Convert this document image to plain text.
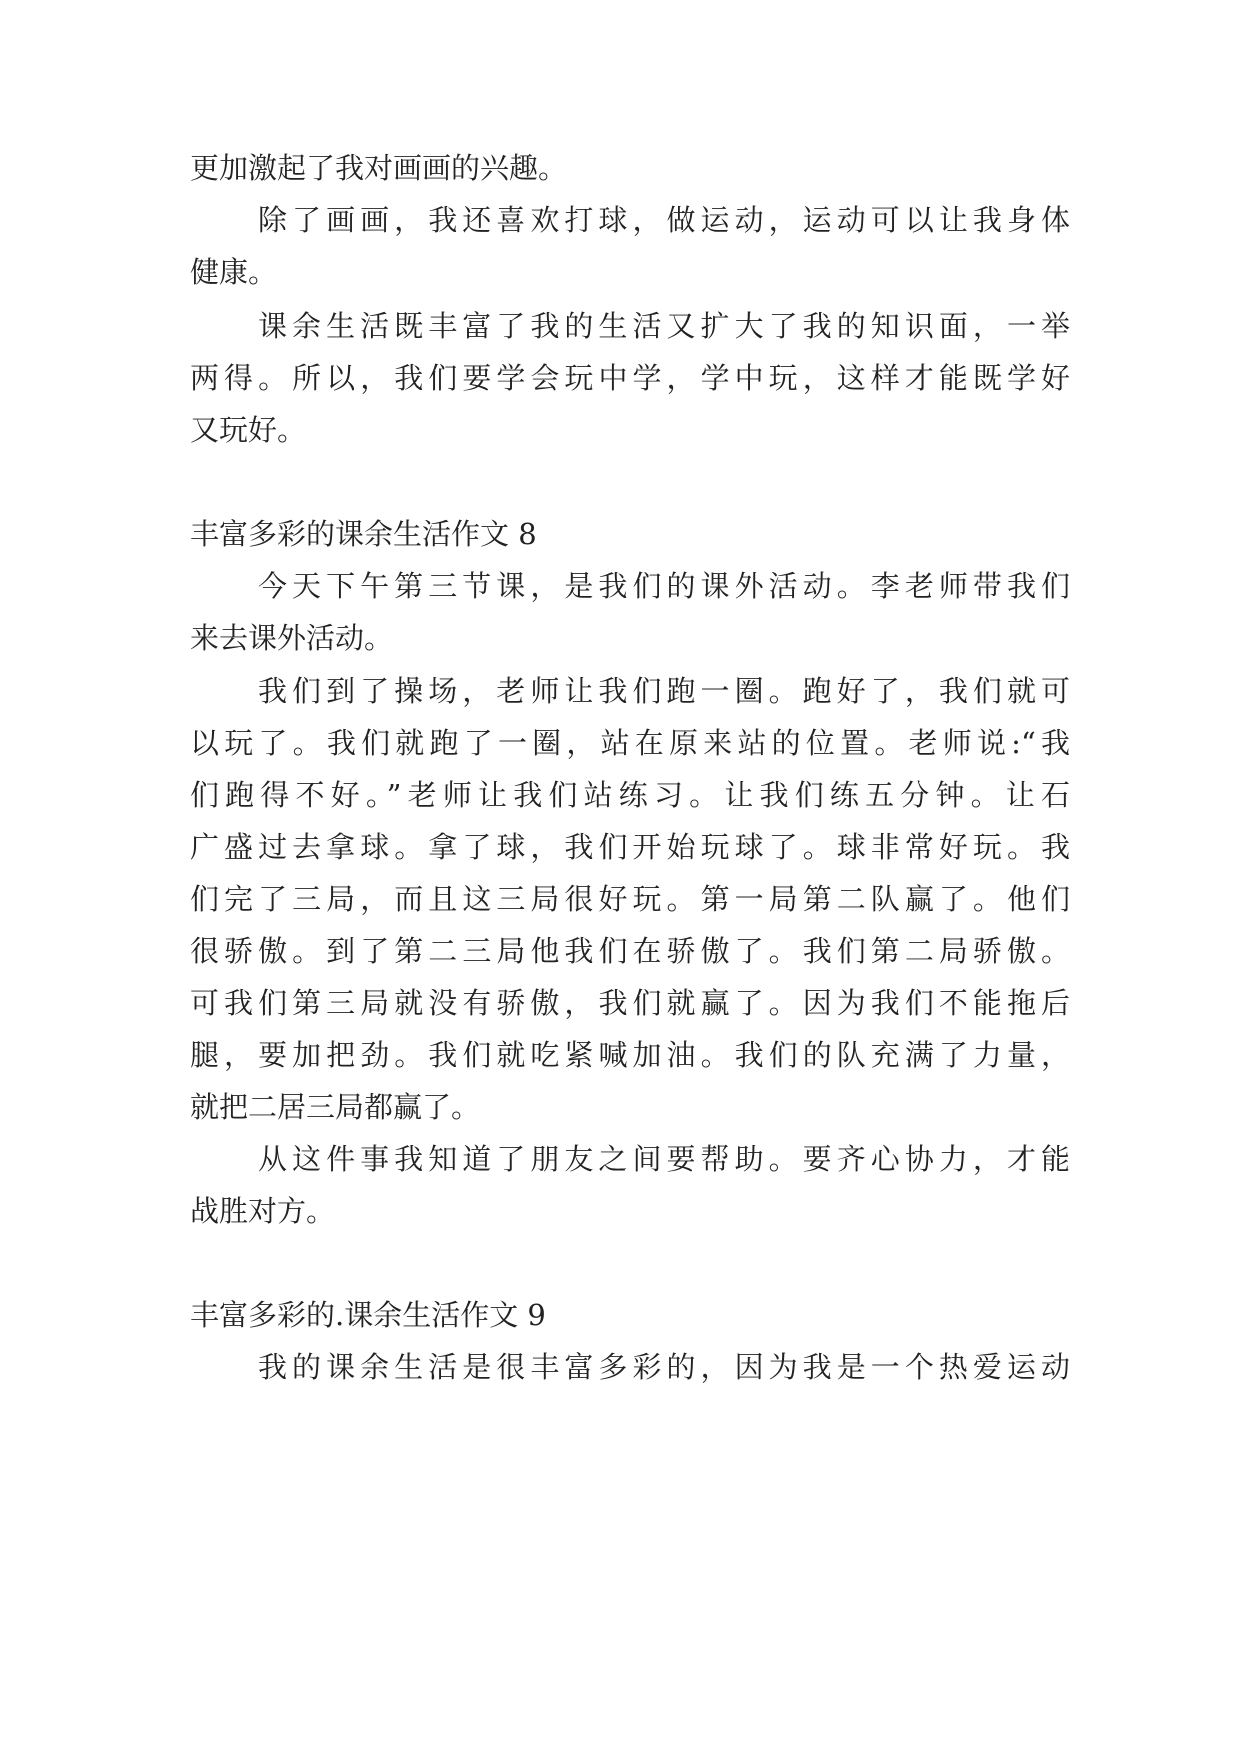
更加激起了我对画画的兴趣。

除了画画，我还喜欢打球，做运动，运动可以让我身体

健康。

课余生活既丰富了我的生活又扩大了我的知识面，一举

两得。所以，我们要学会玩中学，学中玩，这样才能既学好

又玩好。

丰富多彩的课余生活作文 8

今天下午第三节课，是我们的课外活动。李老师带我们

来去课外活动。

我们到了操场，老师让我们跑一圈。跑好了，我们就可

以玩了。我们就跑了一圈，站在原来站的位置。老师说:“我

们跑得不好。”老师让我们站练习。让我们练五分钟。让石

广盛过去拿球。拿了球，我们开始玩球了。球非常好玩。我

们完了三局，而且这三局很好玩。第一局第二队赢了。他们

很骄傲。到了第二三局他我们在骄傲了。我们第二局骄傲。

可我们第三局就没有骄傲，我们就赢了。因为我们不能拖后

腿，要加把劲。我们就吃紧喊加油。我们的队充满了力量，

就把二居三局都赢了。

从这件事我知道了朋友之间要帮助。要齐心协力，才能

战胜对方。

丰富多彩的.课余生活作文 9

我的课余生活是很丰富多彩的，因为我是一个热爱运动
